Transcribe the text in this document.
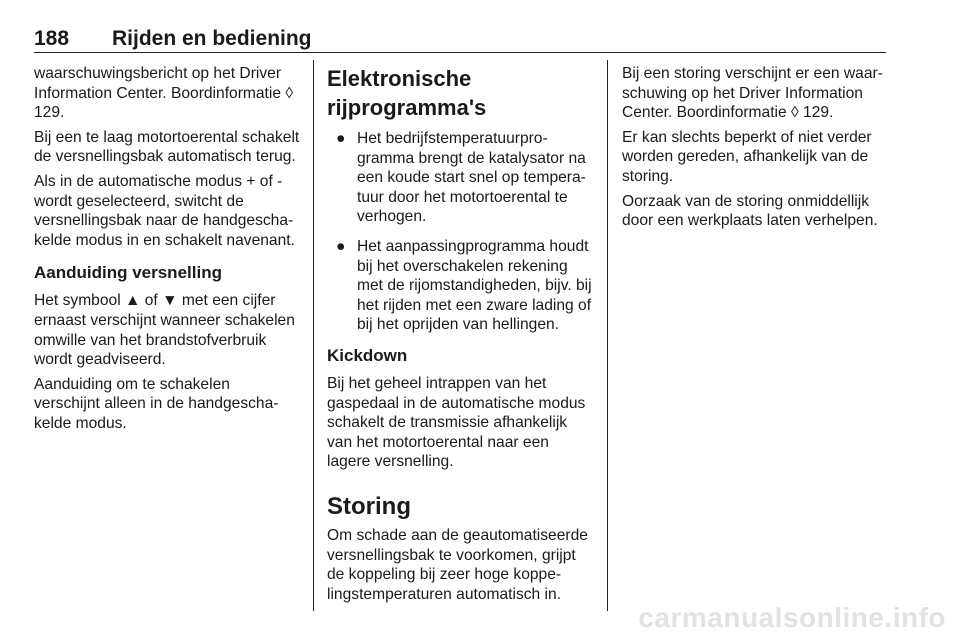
188 Rijden en bediening

waarschuwingsbericht op het Driver Information Center. Boordinformatie ◊ 129.

Bij een te laag motortoerental schakelt de versnellingsbak automatisch terug.

Als in de automatische modus + of - wordt geselecteerd, switcht de versnellingsbak naar de handgeschakelde modus in en schakelt navenant.

Aanduiding versnelling

Het symbool ▲ of ▼ met een cijfer ernaast verschijnt wanneer schakelen omwille van het brandstofverbruik wordt geadviseerd.

Aanduiding om te schakelen verschijnt alleen in de handgeschakelde modus.

Elektronische rijprogramma's
● Het bedrijfstemperatuurprogramma brengt de katalysator na een koude start snel op temperatuur door het motortoerental te verhogen.
● Het aanpassingprogramma houdt bij het overschakelen rekening met de rijomstandigheden, bijv. bij het rijden met een zware lading of bij het oprijden van hellingen.
Kickdown

Bij het geheel intrappen van het gaspedaal in de automatische modus schakelt de transmissie afhankelijk van het motortoerental naar een lagere versnelling.

Storing

Om schade aan de geautomatiseerde versnellingsbak te voorkomen, grijpt de koppeling bij zeer hoge koppelingstemperaturen automatisch in.

Bij een storing verschijnt er een waarschuwing op het Driver Information Center. Boordinformatie ◊ 129.

Er kan slechts beperkt of niet verder worden gereden, afhankelijk van de storing.

Oorzaak van de storing onmiddellijk door een werkplaats laten verhelpen.

carmanualsonline.info
